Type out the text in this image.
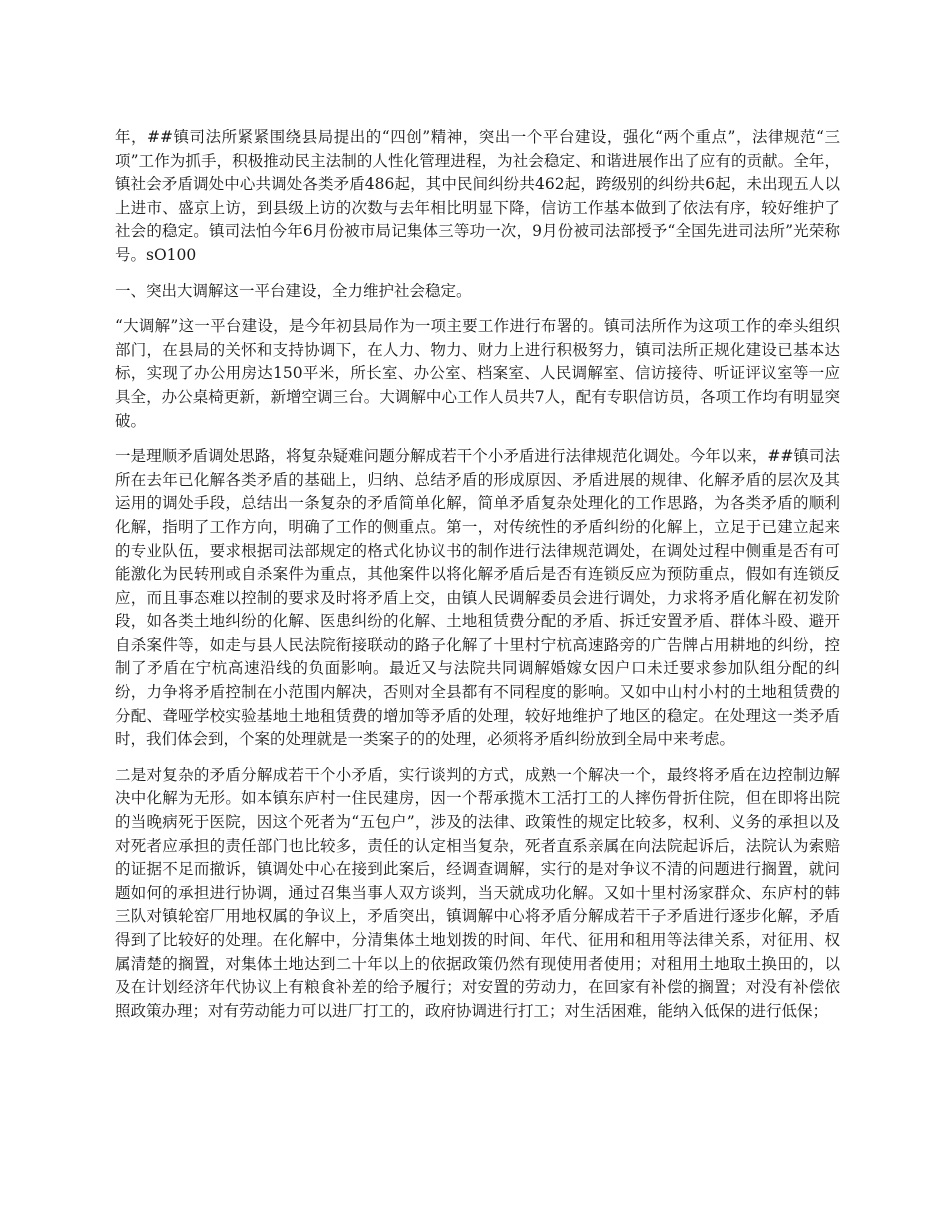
年，##镇司法所紧紧围绕县局提出的“四创”精神，突出一个平台建设，强化“两个重点”，法律规范“三项”工作为抓手，积极推动民主法制的人性化管理进程，为社会稳定、和谐进展作出了应有的贡献。全年，镇社会矛盾调处中心共调处各类矛盾486起，其中民间纠纷共462起，跨级别的纠纷共6起，未出现五人以上进市、盛京上访，到县级上访的次数与去年相比明显下降，信访工作基本做到了依法有序，较好维护了社会的稳定。镇司法怕今年6月份被市局记集体三等功一次，9月份被司法部授予“全国先进司法所”光荣称号。sO100

一、突出大调解这一平台建设，全力维护社会稳定。

“大调解”这一平台建设，是今年初县局作为一项主要工作进行布署的。镇司法所作为这项工作的牵头组织部门，在县局的关怀和支持协调下，在人力、物力、财力上进行积极努力，镇司法所正规化建设已基本达标，实现了办公用房达150平米，所长室、办公室、档案室、人民调解室、信访接待、听证评议室等一应具全，办公桌椅更新，新增空调三台。大调解中心工作人员共7人，配有专职信访员，各项工作均有明显突破。

一是理顺矛盾调处思路，将复杂疑难问题分解成若干个小矛盾进行法律规范化调处。今年以来，##镇司法所在去年已化解各类矛盾的基础上，归纳、总结矛盾的形成原因、矛盾进展的规律、化解矛盾的层次及其运用的调处手段，总结出一条复杂的矛盾简单化解，简单矛盾复杂处理化的工作思路，为各类矛盾的顺利化解，指明了工作方向，明确了工作的侧重点。第一，对传统性的矛盾纠纷的化解上，立足于已建立起来的专业队伍，要求根据司法部规定的格式化协议书的制作进行法律规范调处，在调处过程中侧重是否有可能激化为民转刑或自杀案件为重点，其他案件以将化解矛盾后是否有连锁反应为预防重点，假如有连锁反应，而且事态难以控制的要求及时将矛盾上交，由镇人民调解委员会进行调处，力求将矛盾化解在初发阶段，如各类土地纠纷的化解、医患纠纷的化解、土地租赁费分配的矛盾、拆迁安置矛盾、群体斗殴、避开自杀案件等，如走与县人民法院衔接联动的路子化解了十里村宁杭高速路旁的广告牌占用耕地的纠纷，控制了矛盾在宁杭高速沿线的负面影响。最近又与法院共同调解婚嫁女因户口未迁要求参加队组分配的纠纷，力争将矛盾控制在小范围内解决，否则对全县都有不同程度的影响。又如中山村小村的土地租赁费的分配、聋哑学校实验基地土地租赁费的增加等矛盾的处理，较好地维护了地区的稳定。在处理这一类矛盾时，我们体会到，个案的处理就是一类案子的的处理，必须将矛盾纠纷放到全局中来考虑。

二是对复杂的矛盾分解成若干个小矛盾，实行谈判的方式，成熟一个解决一个，最终将矛盾在边控制边解决中化解为无形。如本镇东庐村一住民建房，因一个帮承揽木工活打工的人摔伤骨折住院，但在即将出院的当晚病死于医院，因这个死者为“五包户”，涉及的法律、政策性的规定比较多，权利、义务的承担以及对死者应承担的责任部门也比较多，责任的认定相当复杂，死者直系亲属在向法院起诉后，法院认为索赔的证据不足而撤诉，镇调处中心在接到此案后，经调查调解，实行的是对争议不清的问题进行搁置，就问题如何的承担进行协调，通过召集当事人双方谈判，当天就成功化解。又如十里村汤家群众、东庐村的韩三队对镇轮窑厂用地权属的争议上，矛盾突出，镇调解中心将矛盾分解成若干子矛盾进行逐步化解，矛盾得到了比较好的处理。在化解中，分清集体土地划拨的时间、年代、征用和租用等法律关系，对征用、权属清楚的搁置，对集体土地达到二十年以上的依据政策仍然有现使用者使用；对租用土地取土换田的，以及在计划经济年代协议上有粮食补差的给予履行；对安置的劳动力，在回家有补偿的搁置；对没有补偿依照政策办理；对有劳动能力可以进厂打工的，政府协调进行打工；对生活困难，能纳入低保的进行低保；
